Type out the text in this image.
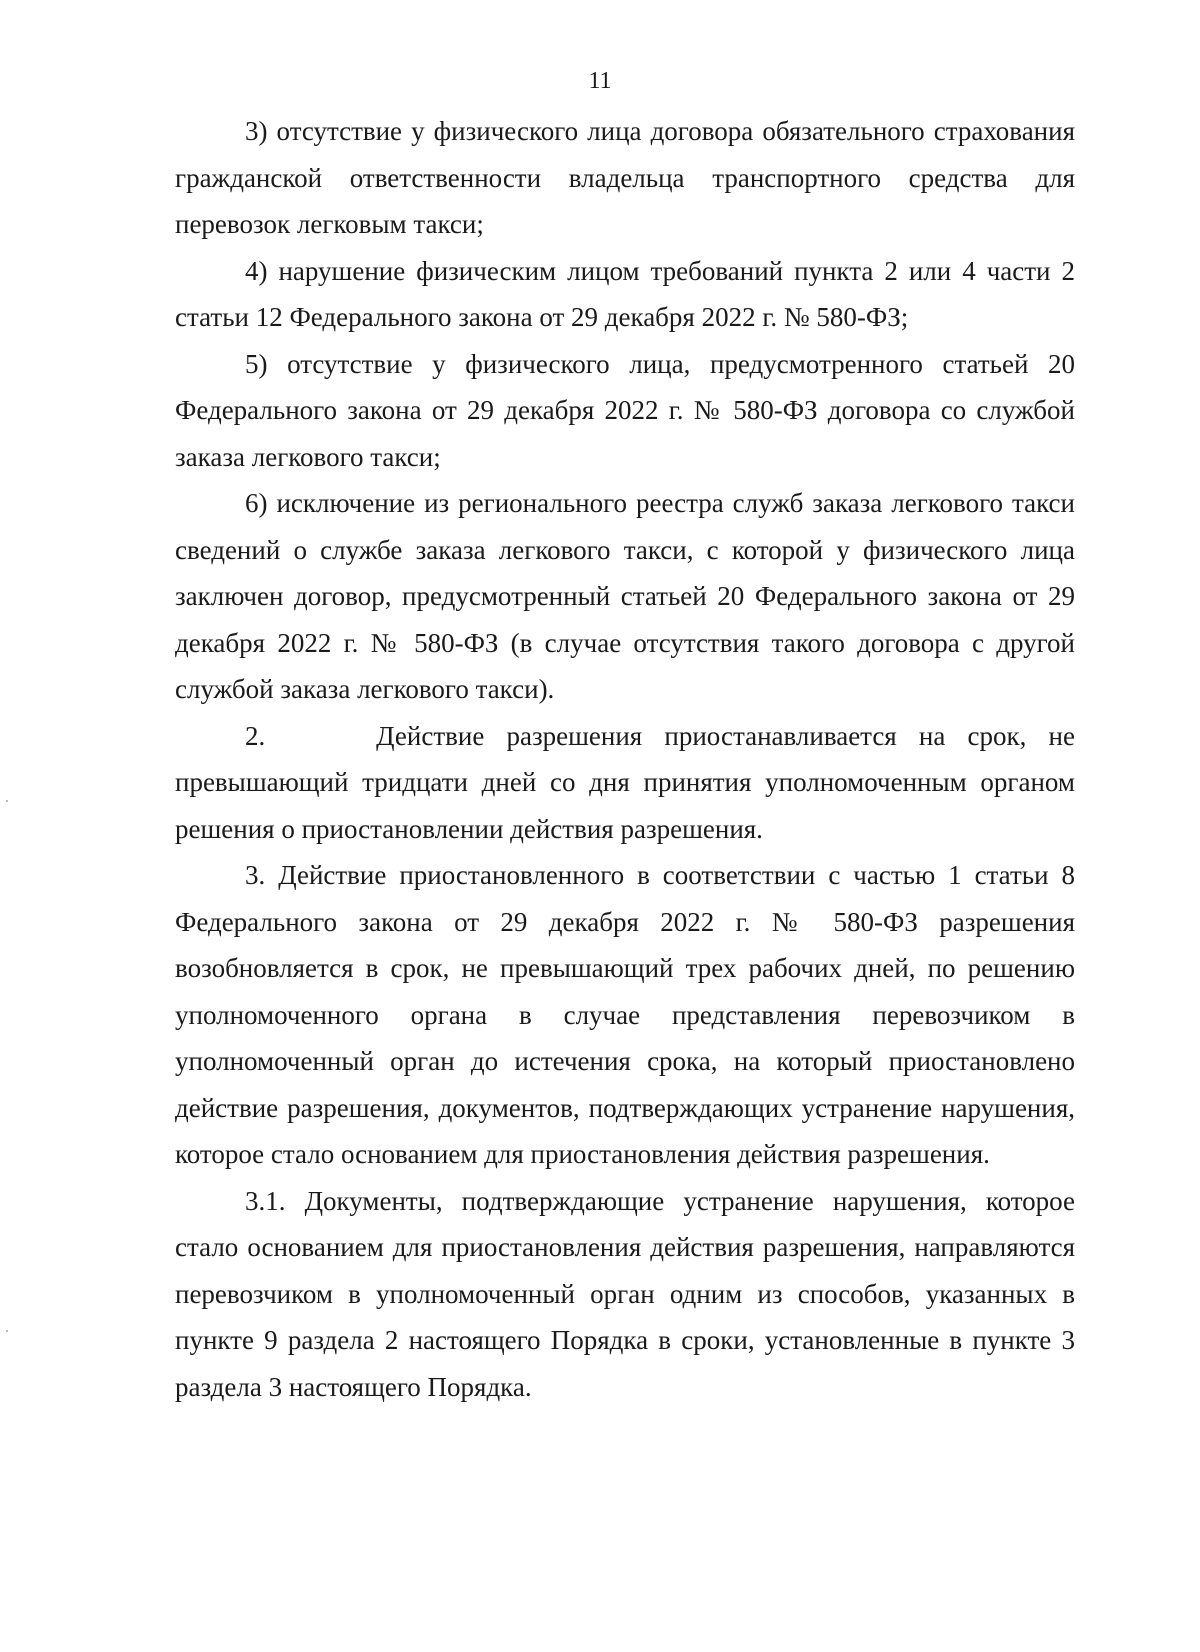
11

3) отсутствие у физического лица договора обязательного страхования гражданской ответственности владельца транспортного средства для перевозок легковым такси;

4) нарушение физическим лицом требований пункта 2 или 4 части 2 статьи 12 Федерального закона от 29 декабря 2022 г. № 580-ФЗ;

5) отсутствие у физического лица, предусмотренного статьей 20 Федерального закона от 29 декабря 2022 г. № 580-ФЗ договора со службой заказа легкового такси;

6) исключение из регионального реестра служб заказа легкового такси сведений о службе заказа легкового такси, с которой у физического лица заключен договор, предусмотренный статьей 20 Федерального закона от 29 декабря 2022 г. № 580-ФЗ (в случае отсутствия такого договора с другой службой заказа легкового такси).

2.     Действие разрешения приостанавливается на срок, не превышающий тридцати дней со дня принятия уполномоченным органом решения о приостановлении действия разрешения.

3. Действие приостановленного в соответствии с частью 1 статьи 8 Федерального закона от 29 декабря 2022 г. № 580-ФЗ разрешения возобновляется в срок, не превышающий трех рабочих дней, по решению уполномоченного органа в случае представления перевозчиком в уполномоченный орган до истечения срока, на который приостановлено действие разрешения, документов, подтверждающих устранение нарушения, которое стало основанием для приостановления действия разрешения.

3.1. Документы, подтверждающие устранение нарушения, которое стало основанием для приостановления действия разрешения, направляются перевозчиком в уполномоченный орган одним из способов, указанных в пункте 9 раздела 2 настоящего Порядка в сроки, установленные в пункте 3 раздела 3 настоящего Порядка.
